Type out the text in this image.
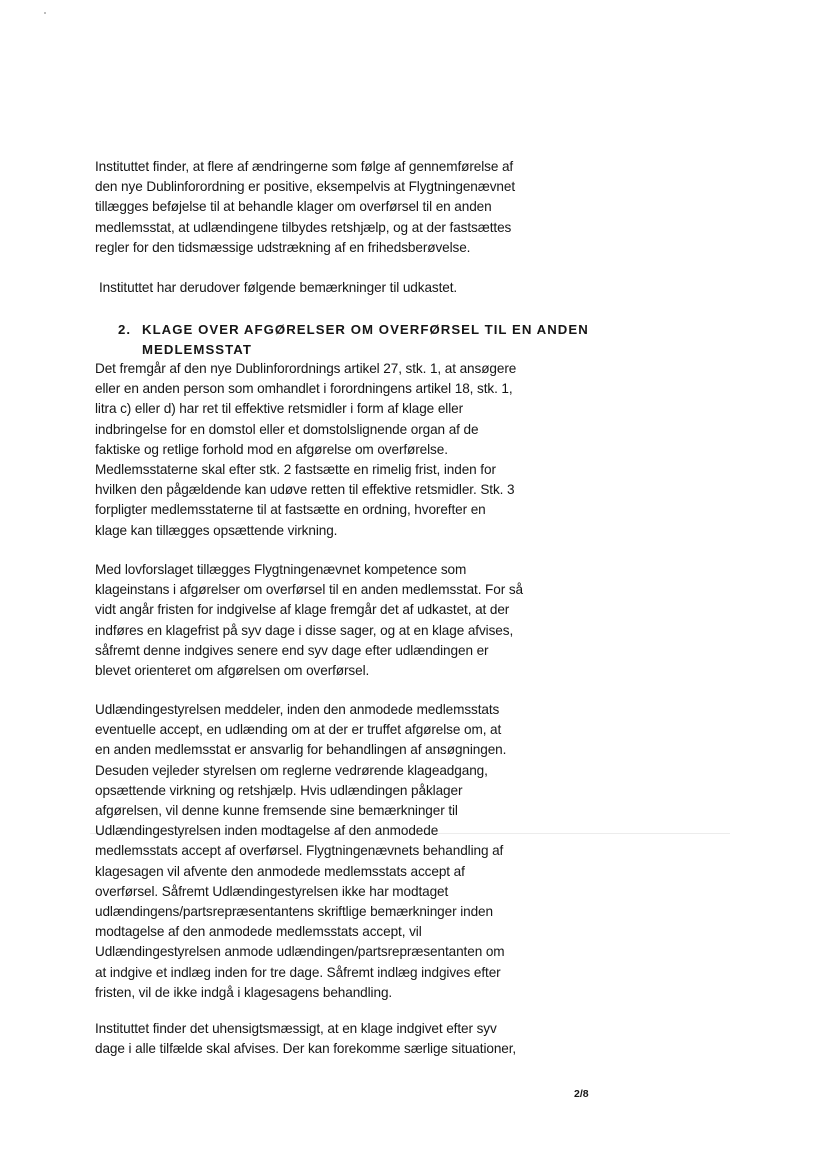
Instituttet finder, at flere af ændringerne som følge af gennemførelse af
den nye Dublinforordning er positive, eksempelvis at Flygtningenævnet
tillægges beføjelse til at behandle klager om overførsel til en anden
medlemsstat, at udlændingene tilbydes retshjælp, og at der fastsættes
regler for den tidsmæssige udstrækning af en frihedsberøvelse.
Instituttet har derudover følgende bemærkninger til udkastet.
2. KLAGE OVER AFGØRELSER OM OVERFØRSEL TIL EN ANDEN
MEDLEMSSTAT
Det fremgår af den nye Dublinforordnings artikel 27, stk. 1, at ansøgere
eller en anden person som omhandlet i forordningens artikel 18, stk. 1,
litra c) eller d) har ret til effektive retsmidler i form af klage eller
indbringelse for en domstol eller et domstolslignende organ af de
faktiske og retlige forhold mod en afgørelse om overførelse.
Medlemsstaterne skal efter stk. 2 fastsætte en rimelig frist, inden for
hvilken den pågældende kan udøve retten til effektive retsmidler. Stk. 3
forpligter medlemsstaterne til at fastsætte en ordning, hvorefter en
klage kan tillægges opsættende virkning.
Med lovforslaget tillægges Flygtningenævnet kompetence som
klageinstans i afgørelser om overførsel til en anden medlemsstat. For så
vidt angår fristen for indgivelse af klage fremgår det af udkastet, at der
indføres en klagefrist på syv dage i disse sager, og at en klage afvises,
såfremt denne indgives senere end syv dage efter udlændingen er
blevet orienteret om afgørelsen om overførsel.
Udlændingestyrelsen meddeler, inden den anmodede medlemsstats
eventuelle accept, en udlænding om at der er truffet afgørelse om, at
en anden medlemsstat er ansvarlig for behandlingen af ansøgningen.
Desuden vejleder styrelsen om reglerne vedrørende klageadgang,
opsættende virkning og retshjælp. Hvis udlændingen påklager
afgørelsen, vil denne kunne fremsende sine bemærkninger til
Udlændingestyrelsen inden modtagelse af den anmodede
medlemsstats accept af overførsel. Flygtningenævnets behandling af
klagesagen vil afvente den anmodede medlemsstats accept af
overførsel. Såfremt Udlændingestyrelsen ikke har modtaget
udlændingens/partsrepræsentantens skriftlige bemærkninger inden
modtagelse af den anmodede medlemsstats accept, vil
Udlændingestyrelsen anmode udlændingen/partsrepræsentanten om
at indgive et indlæg inden for tre dage. Såfremt indlæg indgives efter
fristen, vil de ikke indgå i klagesagens behandling.
Instituttet finder det uhensigtsmæssigt, at en klage indgivet efter syv
dage i alle tilfælde skal afvises. Der kan forekomme særlige situationer,
2/8
